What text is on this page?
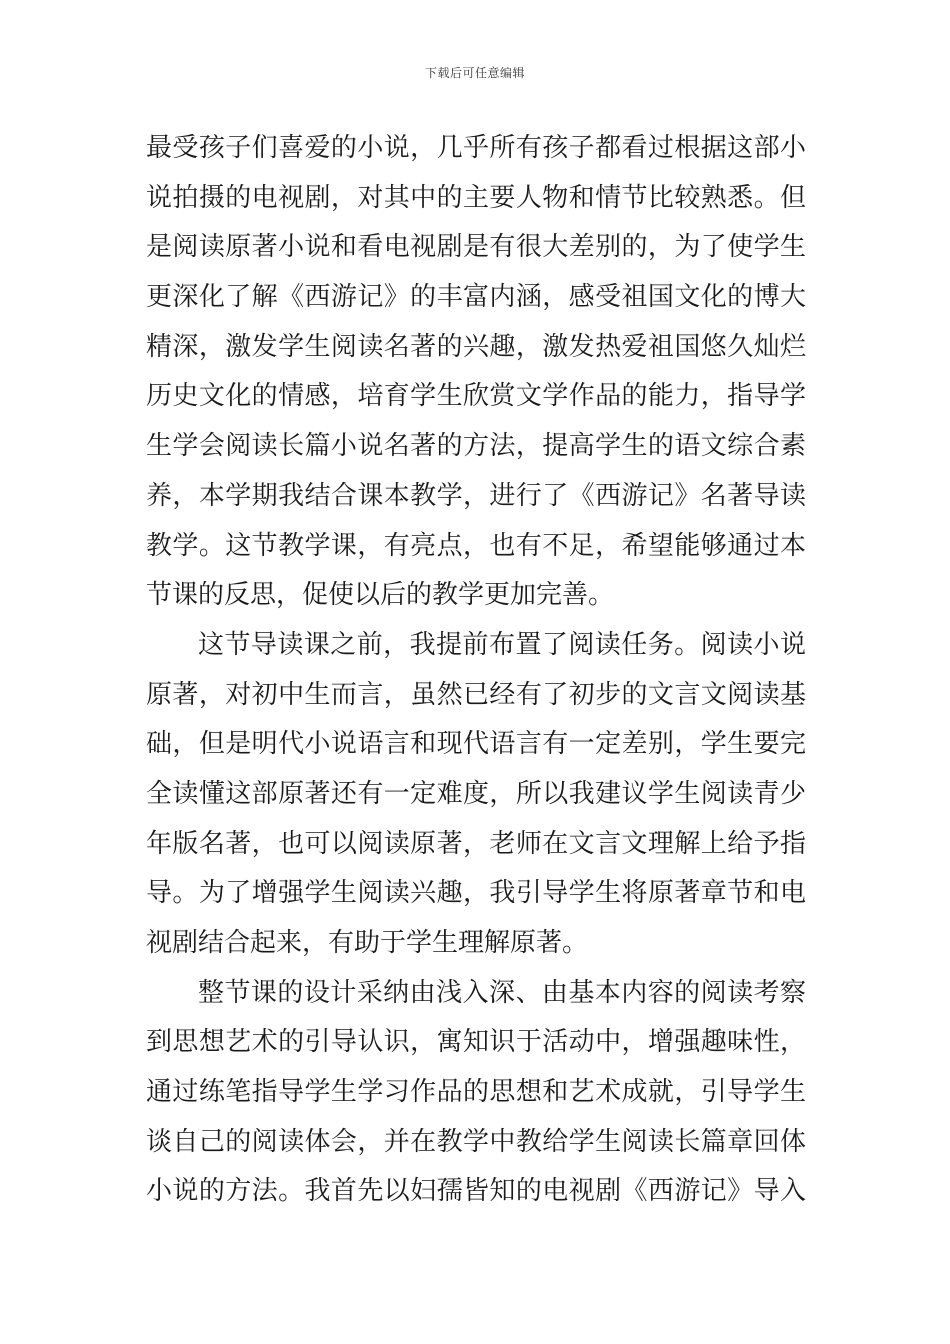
下载后可任意编辑
最受孩子们喜爱的小说，几乎所有孩子都看过根据这部小
说拍摄的电视剧，对其中的主要人物和情节比较熟悉。但
是阅读原著小说和看电视剧是有很大差别的，为了使学生
更深化了解《西游记》的丰富内涵，感受祖国文化的博大
精深，激发学生阅读名著的兴趣，激发热爱祖国悠久灿烂
历史文化的情感，培育学生欣赏文学作品的能力，指导学
生学会阅读长篇小说名著的方法，提高学生的语文综合素
养，本学期我结合课本教学，进行了《西游记》名著导读
教学。这节教学课，有亮点，也有不足，希望能够通过本
节课的反思，促使以后的教学更加完善。
这节导读课之前，我提前布置了阅读任务。阅读小说
原著，对初中生而言，虽然已经有了初步的文言文阅读基
础，但是明代小说语言和现代语言有一定差别，学生要完
全读懂这部原著还有一定难度，所以我建议学生阅读青少
年版名著，也可以阅读原著，老师在文言文理解上给予指
导。为了增强学生阅读兴趣，我引导学生将原著章节和电
视剧结合起来，有助于学生理解原著。
整节课的设计采纳由浅入深、由基本内容的阅读考察
到思想艺术的引导认识，寓知识于活动中，增强趣味性，
通过练笔指导学生学习作品的思想和艺术成就，引导学生
谈自己的阅读体会，并在教学中教给学生阅读长篇章回体
小说的方法。我首先以妇孺皆知的电视剧《西游记》导入
